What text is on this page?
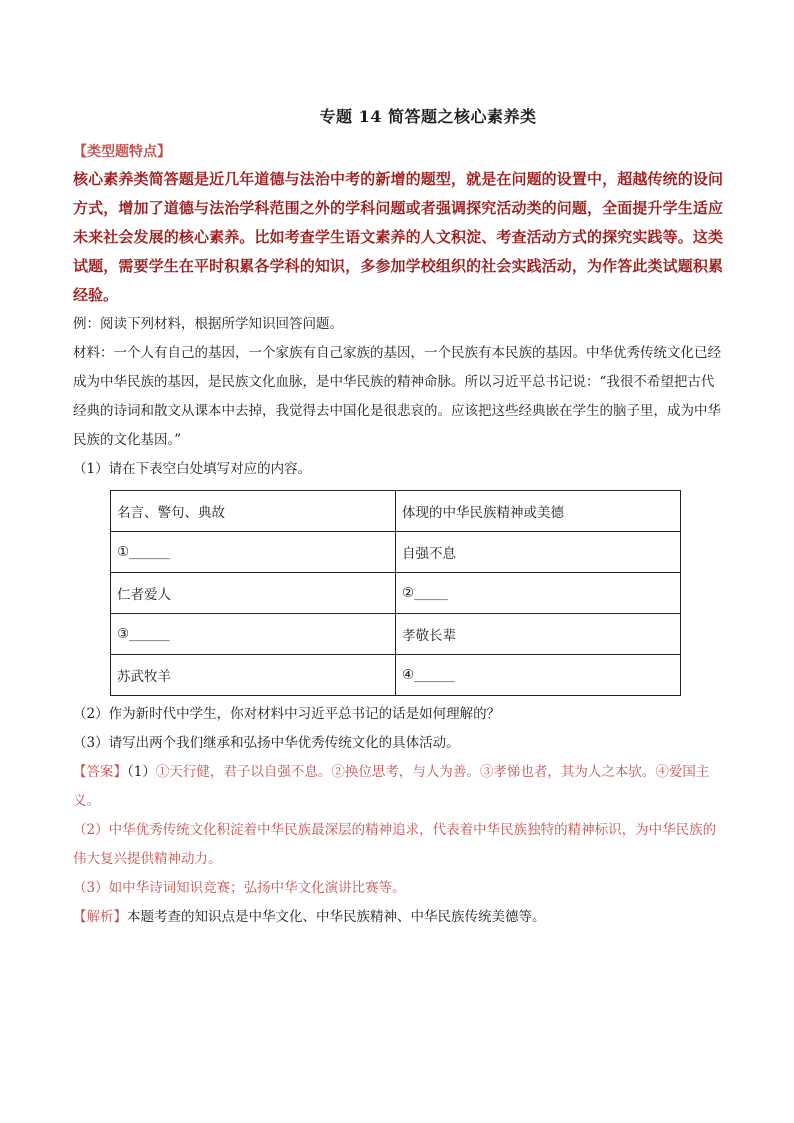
专题 14 简答题之核心素养类
【类型题特点】

核心素养类简答题是近几年道德与法治中考的新增的题型，就是在问题的设置中，超越传统的设问方式，增加了道德与法治学科范围之外的学科问题或者强调探究活动类的问题，全面提升学生适应未来社会发展的核心素养。比如考查学生语文素养的人文积淀、考查活动方式的探究实践等。这类试题，需要学生在平时积累各学科的知识，多参加学校组织的社会实践活动，为作答此类试题积累经验。

例：阅读下列材料，根据所学知识回答问题。

材料：一个人有自己的基因，一个家族有自己家族的基因，一个民族有本民族的基因。中华优秀传统文化已经成为中华民族的基因，是民族文化血脉，是中华民族的精神命脉。所以习近平总书记说：“我很不希望把古代经典的诗词和散文从课本中去掉，我觉得去中国化是很悲哀的。应该把这些经典嵌在学生的脑子里，成为中华民族的文化基因。”

（1）请在下表空白处填写对应的内容。

名言、警句、典故	体现的中华民族精神或美德
①______	自强不息
仁者爱人	②_____
③______	孝敬长辈
苏武牧羊	④______

（2）作为新时代中学生，你对材料中习近平总书记的话是如何理解的？

（3）请写出两个我们继承和弘扬中华优秀传统文化的具体活动。

【答案】（1）①天行健，君子以自强不息。②换位思考，与人为善。③孝悌也者，其为人之本欤。④爱国主义。

（2）中华优秀传统文化积淀着中华民族最深层的精神追求，代表着中华民族独特的精神标识，为中华民族的伟大复兴提供精神动力。

（3）如中华诗词知识竞赛；弘扬中华文化演讲比赛等。

【解析】本题考查的知识点是中华文化、中华民族精神、中华民族传统美德等。
